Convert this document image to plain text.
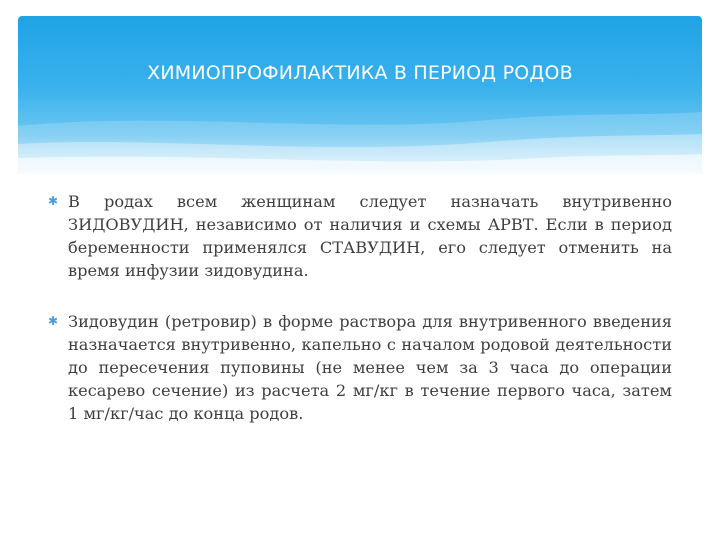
ХИМИОПРОФИЛАКТИКА В ПЕРИОД РОДОВ
✱ В родах всем женщинам следует назначать внутривенно ЗИДОВУДИН, независимо от наличия и схемы АРВТ. Если в период беременности применялся СТАВУДИН, его следует отменить на время инфузии зидовудина.
✱ Зидовудин (ретровир) в форме раствора для внутривенного введения назначается внутривенно, капельно с началом родовой деятельности до пересечения пуповины (не менее чем за 3 часа до операции кесарево сечение) из расчета 2 мг/кг в течение первого часа, затем 1 мг/кг/час до конца родов.
